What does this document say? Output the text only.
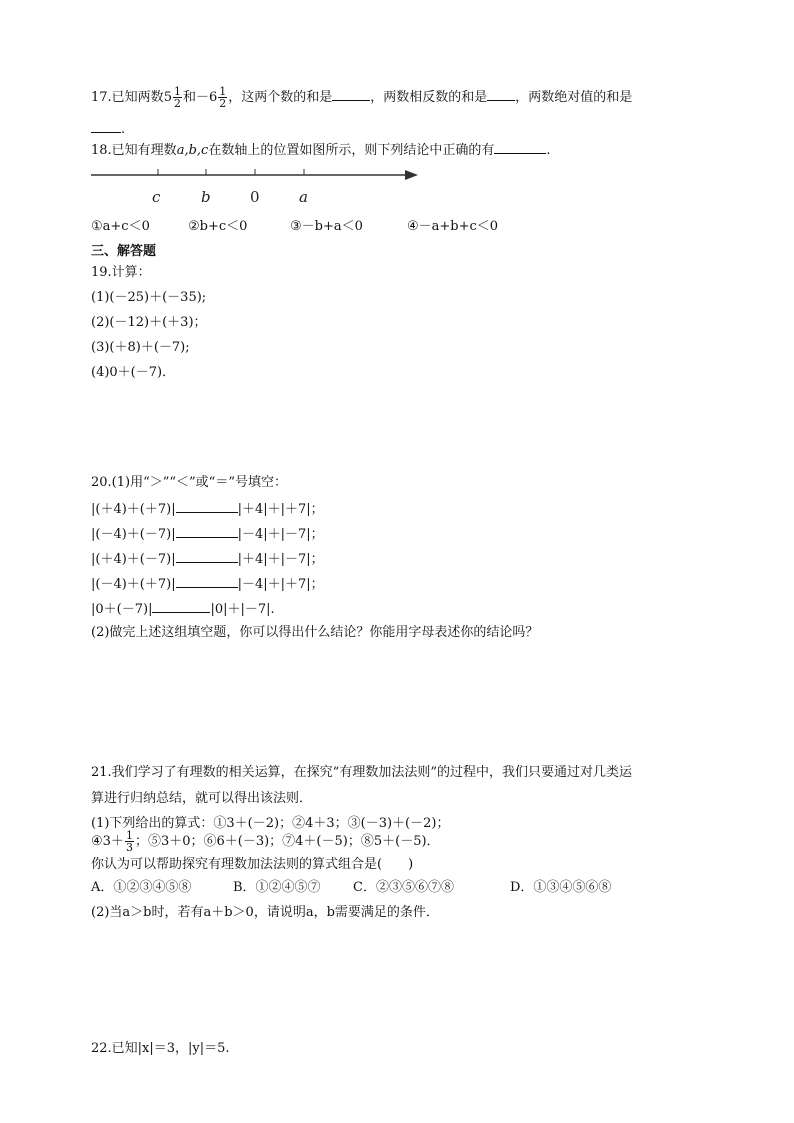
17.已知两数$5 \frac{1}{2}$ 和$-6 \frac{1}{2}$ ，这两个数的和是	，两数相反数的和是 ，两数绝对值的和是
.
18.已知有理数a,b,c在数轴上的位置如图所示，则下列结论中正确的有	.
c	b	0	a
①a+c＜0	②b+c＜0	③－b+a＜0	④－a+b+c＜0
三、解答题
19.计算：
(1)(－25)＋(－35);
(2)(－12)＋(＋3)；
(3)(＋8)＋(－7);
(4)0＋(－7)．
20.(1)用“＞”“＜”或“＝”号填空：
|(＋4)＋(＋7)|	|＋4|＋|＋7|；
|(－4)＋(－7)|	|－4|＋|－7|；
|(＋4)＋(－7)|	|＋4|＋|－7|；
|(－4)＋(＋7)|	|－4|＋|＋7|；
|0＋(－7)|	|0|＋|－7|.
(2)做完上述这组填空题，你可以得出什么结论？你能用字母表述你的结论吗？
21.我们学习了有理数的相关运算，在探究“有理数加法法则”的过程中，我们只要通过对几类运
算进行归纳总结，就可以得出该法则．
(1)下列给出的算式：①3＋(－2)；②4＋3；③(－3)＋(－2)；
④3＋ $\frac{1}{3}$ ；⑤3＋0；⑥6＋(－3)；⑦4＋(－5)；⑧5＋(－5)．
你认为可以帮助探究有理数加法法则的算式组合是(　　)
A．①②③④⑤⑧	B．①②④⑤⑦ C．②③⑤⑥⑦⑧	D．①③④⑤⑥⑧
(2)当a＞b时，若有a＋b＞0，请说明a，b需要满足的条件．
22.已知|x|＝3，|y|＝5.
